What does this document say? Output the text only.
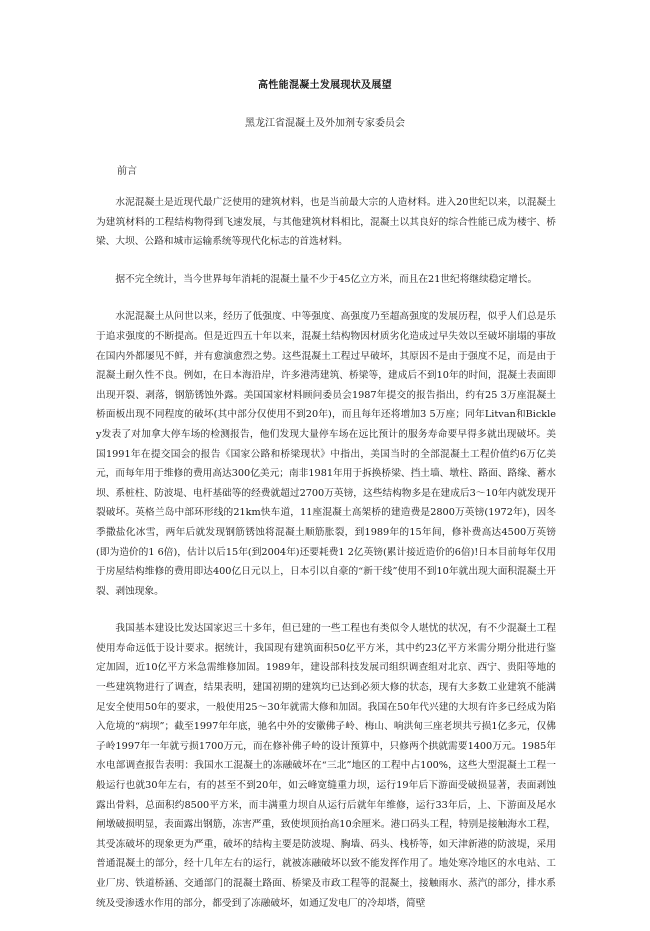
高性能混凝土发展现状及展望
黑龙江省混凝土及外加剂专家委员会
前言

水泥混凝土是近现代最广泛使用的建筑材料，也是当前最大宗的人造材料。进入20世纪以来，以混凝土为建筑材料的工程结构物得到飞速发展，与其他建筑材料相比，混凝土以其良好的综合性能已成为楼宇、桥梁、大坝、公路和城市运输系统等现代化标志的首选材料。

据不完全统计，当今世界每年消耗的混凝土量不少于45亿立方米，而且在21世纪将继续稳定增长。

水泥混凝土从问世以来，经历了低强度、中等强度、高强度乃至超高强度的发展历程，似乎人们总是乐于追求强度的不断提高。但是近四五十年以来，混凝土结构物因材质劣化造成过早失效以至破坏崩塌的事故在国内外都屡见不鲜，并有愈演愈烈之势。这些混凝土工程过早破坏，其原因不是由于强度不足，而是由于混凝土耐久性不良。例如，在日本海沿岸，许多港湾建筑、桥梁等，建成后不到10年的时间，混凝土表面即出现开裂、剥落，钢筋锈蚀外露。美国国家材料顾问委员会1987年提交的报告指出，约有25 3万座混凝土桥面板出现不同程度的破坏(其中部分仅使用不到20年)，而且每年还将增加3 5万座；同年Litvan和Bickley发表了对加拿大停车场的检测报告，他们发现大量停车场在远比预计的服务寿命要早得多就出现破坏。美国1991年在提交国会的报告《国家公路和桥梁现状》中指出，美国当时的全部混凝土工程价值约6万亿美元，而每年用于维修的费用高达300亿美元；南非1981年用于拆换桥梁、挡土墙、墩柱、路面、路缘、蓄水坝、系桩柱、防波堤、电杆基础等的经费就超过2700万英镑，这些结构物多是在建成后3～10年内就发现开裂破坏。英格兰岛中部环形线的21km快车道，11座混凝土高架桥的建造费是2800万英镑(1972年)，因冬季撒盐化冰雪，两年后就发现钢筋锈蚀将混凝土顺筋胀裂，到1989年的15年间，修补费高达4500万英镑(即为造价的1 6倍)，估计以后15年(到2004年)还要耗费1 2亿英镑(累计接近造价的6倍)!日本目前每年仅用于房屋结构维修的费用即达400亿日元以上，日本引以自豪的“新干线”使用不到10年就出现大面积混凝土开裂、剥蚀现象。

我国基本建设比发达国家迟三十多年，但已建的一些工程也有类似令人堪忧的状况，有不少混凝土工程使用寿命远低于设计要求。据统计，我国现有建筑面积50亿平方米，其中约23亿平方米需分期分批进行鉴定加固，近10亿平方米急需维修加固。1989年，建设部科技发展司组织调查组对北京、西宁、贵阳等地的一些建筑物进行了调查，结果表明，建国初期的建筑均已达到必须大修的状态，现有大多数工业建筑不能满足安全使用50年的要求，一般使用25～30年就需大修和加固。我国在50年代兴建的大坝有许多已经成为陷入危境的“病坝”；截至1997年年底，驰名中外的安徽佛子岭、梅山、响洪甸三座老坝共亏损1亿多元，仅佛子岭1997年一年就亏损1700万元，而在修补佛子岭的设计预算中，只修两个拱就需要1400万元。1985年水电部调查报告表明：我国水工混凝土的冻融破坏在“三北”地区的工程中占100%，这些大型混凝土工程一般运行也就30年左右，有的甚至不到20年，如云峰宽缝重力坝，运行19年后下游面受破损显著，表面剥蚀露出骨料，总面积约8500平方米，而丰满重力坝自从运行后就年年维修，运行33年后，上、下游面及尾水闸墩破损明显，表面露出钢筋，冻害严重，致使坝顶抬高10余厘米。港口码头工程，特别是接触海水工程，其受冻破坏的现象更为严重，破坏的结构主要是防波堤、胸墙、码头、栈桥等，如天津新港的防波堤，采用普通混凝土的部分，经十几年左右的运行，就被冻融破坏以致不能发挥作用了。地处寒冷地区的水电站、工业厂房、铁道桥涵、交通部门的混凝土路面、桥梁及市政工程等的混凝土，接触雨水、蒸汽的部分，排水系统及受渗透水作用的部分，都受到了冻融破坏，如通辽发电厂的冷却塔，简壁
